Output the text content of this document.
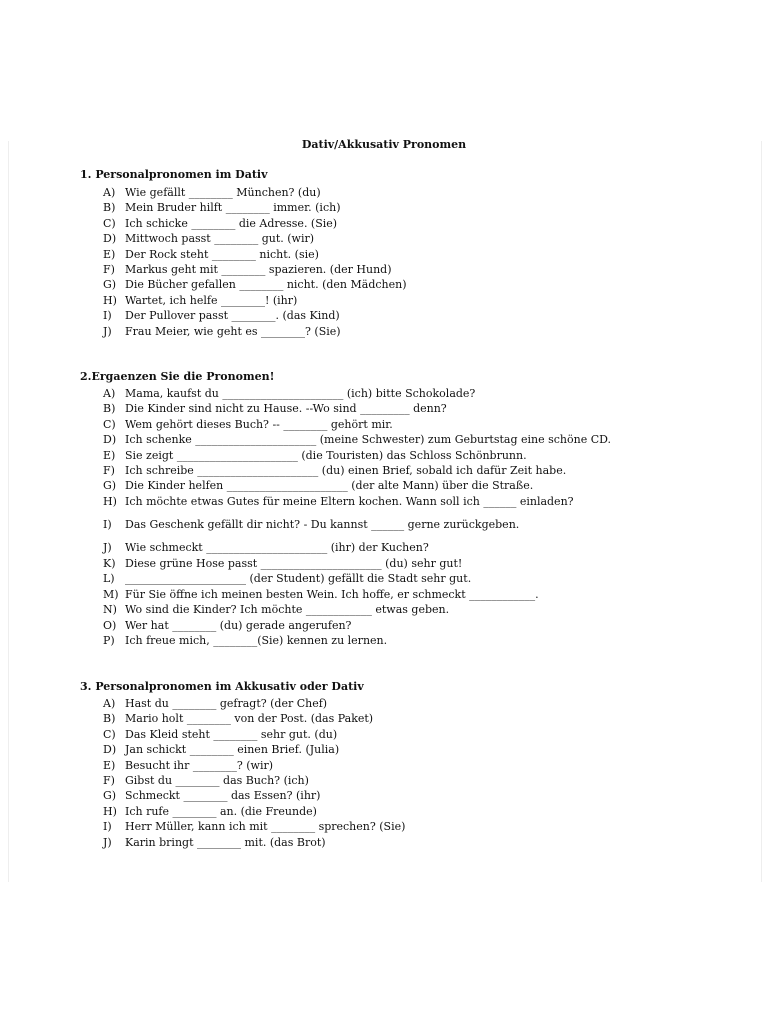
Dativ/Akkusativ Pronomen
1. Personalpronomen im Dativ
A) Wie gefällt ________ München? (du)
B) Mein Bruder hilft ________ immer. (ich)
C) Ich schicke ________ die Adresse. (Sie)
D) Mittwoch passt ________ gut. (wir)
E) Der Rock steht ________ nicht. (sie)
F) Markus geht mit ________ spazieren. (der Hund)
G) Die Bücher gefallen ________ nicht. (den Mädchen)
H) Wartet, ich helfe ________! (ihr)
I) Der Pullover passt ________. (das Kind)
J) Frau Meier, wie geht es ________? (Sie)
2.Ergaenzen Sie die Pronomen!
A) Mama, kaufst du ______________________ (ich) bitte Schokolade?
B) Die Kinder sind nicht zu Hause. --Wo sind _________ denn?
C) Wem gehört dieses Buch? -- ________ gehört mir.
D) Ich schenke ______________________ (meine Schwester) zum Geburtstag eine schöne CD.
E) Sie zeigt ______________________ (die Touristen) das Schloss Schönbrunn.
F) Ich schreibe ______________________ (du) einen Brief, sobald ich dafür Zeit habe.
G) Die Kinder helfen ______________________ (der alte Mann) über die Straße.
H) Ich möchte etwas Gutes für meine Eltern kochen. Wann soll ich ______ einladen?
I) Das Geschenk gefällt dir nicht? - Du kannst ______ gerne zurückgeben.
J) Wie schmeckt ______________________ (ihr) der Kuchen?
K) Diese grüne Hose passt ______________________ (du) sehr gut!
L) ______________________ (der Student) gefällt die Stadt sehr gut.
M) Für Sie öffne ich meinen besten Wein. Ich hoffe, er schmeckt ____________.
N) Wo sind die Kinder? Ich möchte ____________ etwas geben.
O) Wer hat ________ (du) gerade angerufen?
P) Ich freue mich, ________(Sie) kennen zu lernen.
3. Personalpronomen im Akkusativ oder Dativ
A) Hast du ________ gefragt? (der Chef)
B) Mario holt ________ von der Post. (das Paket)
C) Das Kleid steht ________ sehr gut. (du)
D) Jan schickt ________ einen Brief. (Julia)
E) Besucht ihr ________? (wir)
F) Gibst du ________ das Buch? (ich)
G) Schmeckt ________ das Essen? (ihr)
H) Ich rufe ________ an. (die Freunde)
I) Herr Müller, kann ich mit ________ sprechen? (Sie)
J) Karin bringt ________ mit. (das Brot)
